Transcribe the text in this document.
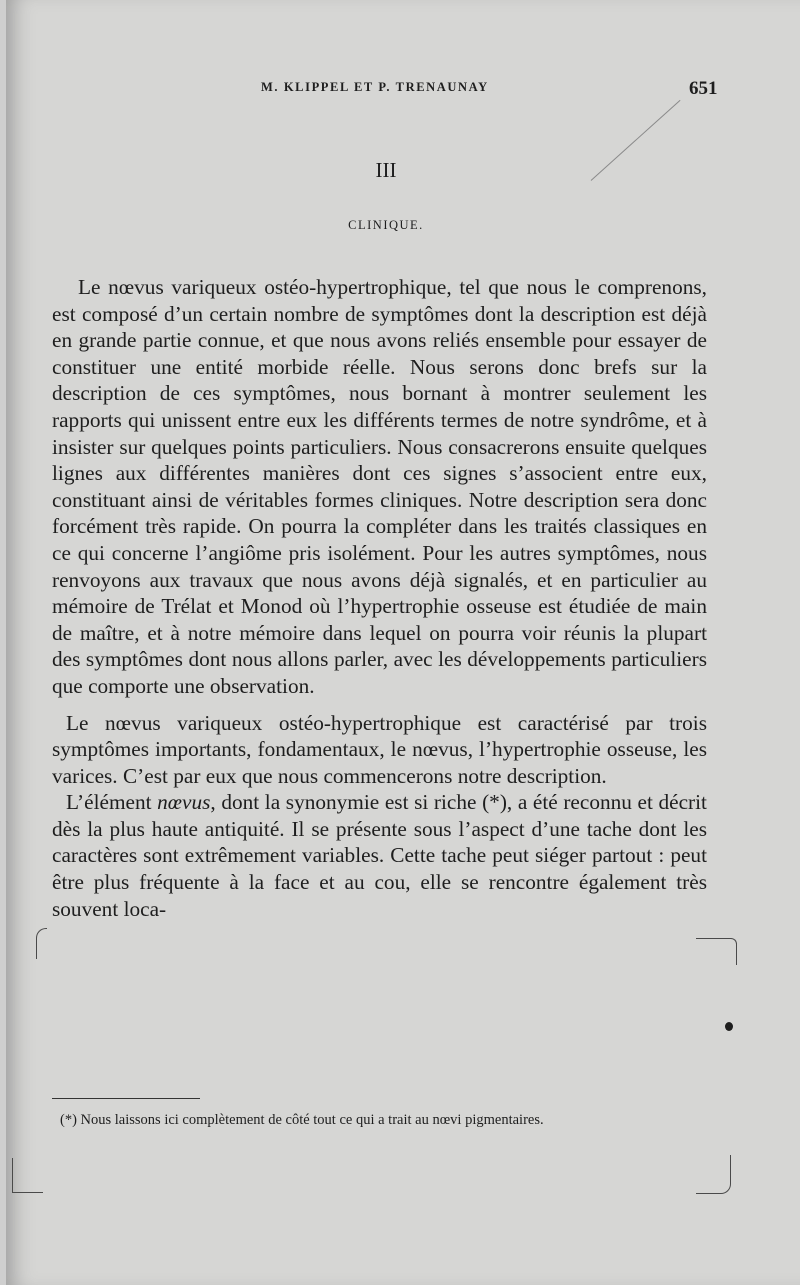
M. KLIPPEL ET P. TRENAUNAY	651
III
CLINIQUE.

Le nœvus variqueux ostéo-hypertrophique, tel que nous le comprenons, est composé d’un certain nombre de symptômes dont la description est déjà en grande partie connue, et que nous avons reliés ensemble pour essayer de constituer une entité morbide réelle. Nous serons donc brefs sur la description de ces symptômes, nous bornant à montrer seulement les rapports qui unissent entre eux les différents termes de notre syndrôme, et à insister sur quelques points particuliers. Nous consacrerons ensuite quelques lignes aux différentes manières dont ces signes s’associent entre eux, constituant ainsi de véritables formes cliniques. Notre description sera donc forcément très rapide. On pourra la compléter dans les traités classiques en ce qui concerne l’angiôme pris isolément. Pour les autres symptômes, nous renvoyons aux travaux que nous avons déjà signalés, et en particulier au mémoire de Trélat et Monod où l’hypertrophie osseuse est étudiée de main de maître, et à notre mémoire dans lequel on pourra voir réunis la plupart des symptômes dont nous allons parler, avec les développements particuliers que comporte une observation.

Le nœvus variqueux ostéo-hypertrophique est caractérisé par trois symptômes importants, fondamentaux, le nœvus, l’hypertrophie osseuse, les varices. C’est par eux que nous commencerons notre description.

L’élément nœvus, dont la synonymie est si riche (*), a été reconnu et décrit dès la plus haute antiquité. Il se présente sous l’aspect d’une tache dont les caractères sont extrêmement variables. Cette tache peut siéger partout : peut être plus fréquente à la face et au cou, elle se rencontre également très souvent loca-

(*) Nous laissons ici complètement de côté tout ce qui a trait au nœvi pigmentaires.
